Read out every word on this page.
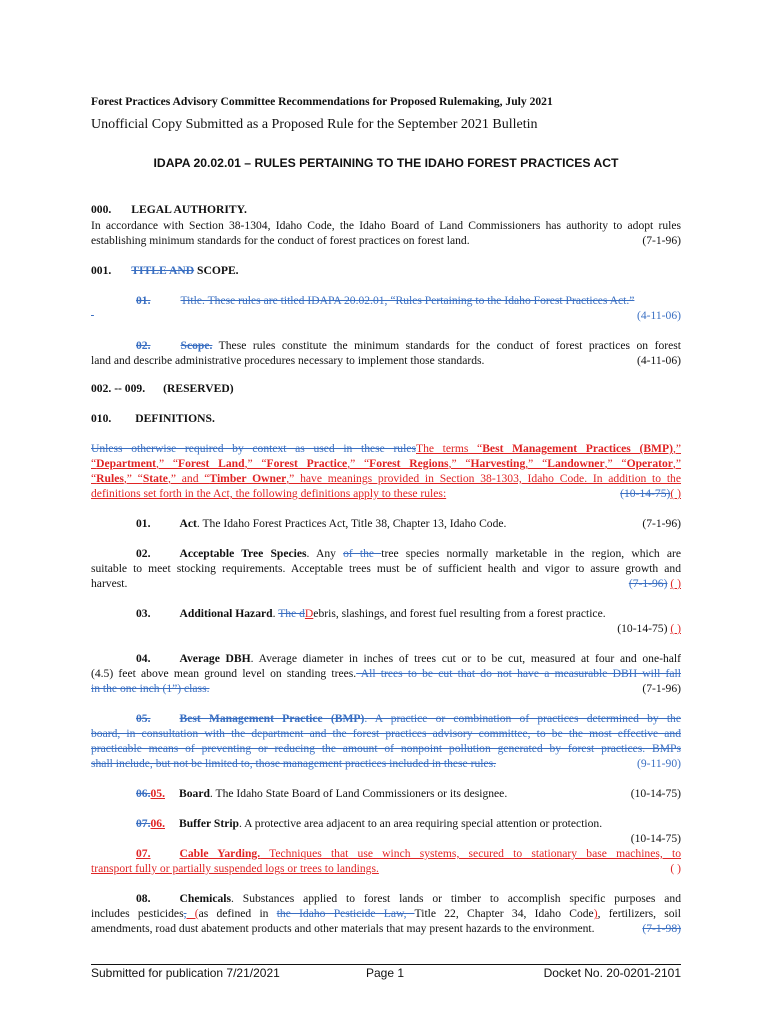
Forest Practices Advisory Committee Recommendations for Proposed Rulemaking, July 2021
Unofficial Copy Submitted as a Proposed Rule for the September 2021 Bulletin
IDAPA 20.02.01 – RULES PERTAINING TO THE IDAHO FOREST PRACTICES ACT
000. LEGAL AUTHORITY.
In accordance with Section 38-1304, Idaho Code, the Idaho Board of Land Commissioners has authority to adopt rules
establishing minimum standards for the conduct of forest practices on forest land.	(7-1-96)
001. TITLE AND SCOPE.
01.	Title. These rules are titled IDAPA 20.02.01, “Rules Pertaining to the Idaho Forest Practices Act.”
(4-11-06)

02.	Scope. These rules constitute the minimum standards for the conduct of forest practices on forest
land and describe administrative procedures necessary to implement those standards.	(4-11-06)
002. -- 009. (RESERVED)
010. DEFINITIONS.
Unless otherwise required by context as used in these rulesThe terms “Best Management Practices (BMP),”
“Department,” “Forest Land,” “Forest Practice,” “Forest Regions,” “Harvesting,” “Landowner,” “Operator,”
“Rules,” “State,” and “Timber Owner,” have meanings provided in Section 38-1303, Idaho Code. In addition to the
definitions set forth in the Act, the following definitions apply to these rules:	(10-14-75)( )
01.	Act. The Idaho Forest Practices Act, Title 38, Chapter 13, Idaho Code.	(7-1-96)
02.	Acceptable Tree Species. Any of the tree species normally marketable in the region, which are
suitable to meet stocking requirements. Acceptable trees must be of sufficient health and vigor to assure growth and
harvest.	(7-1-96) ( )
03.	Additional Hazard. The dDebris, slashings, and forest fuel resulting from a forest practice.
(10-14-75) ( )

04.	Average DBH. Average diameter in inches of trees cut or to be cut, measured at four and one-half
(4.5) feet above mean ground level on standing trees. All trees to be cut that do not have a measurable DBH will fall
in the one inch (1”) class.	(7-1-96)
05.	Best Management Practice (BMP). A practice or combination of practices determined by the
board, in consultation with the department and the forest practices advisory committee, to be the most effective and
practicable means of preventing or reducing the amount of nonpoint pollution generated by forest practices. BMPs
shall include, but not be limited to, those management practices included in these rules.	(9-11-90)
06.05. Board. The Idaho State Board of Land Commissioners or its designee.	(10-14-75)
07.06. Buffer Strip. A protective area adjacent to an area requiring special attention or protection.
(10-14-75)

07.	Cable Yarding. Techniques that use winch systems, secured to stationary base machines, to
transport fully or partially suspended logs or trees to landings.	( )
08.	Chemicals. Substances applied to forest lands or timber to accomplish specific purposes and
includes pesticides, (as defined in the Idaho Pesticide Law, Title 22, Chapter 34, Idaho Code), fertilizers, soil
amendments, road dust abatement products and other materials that may present hazards to the environment.	(7-1-98)
Submitted for publication 7/21/2021	Page 1	Docket No. 20-0201-2101
